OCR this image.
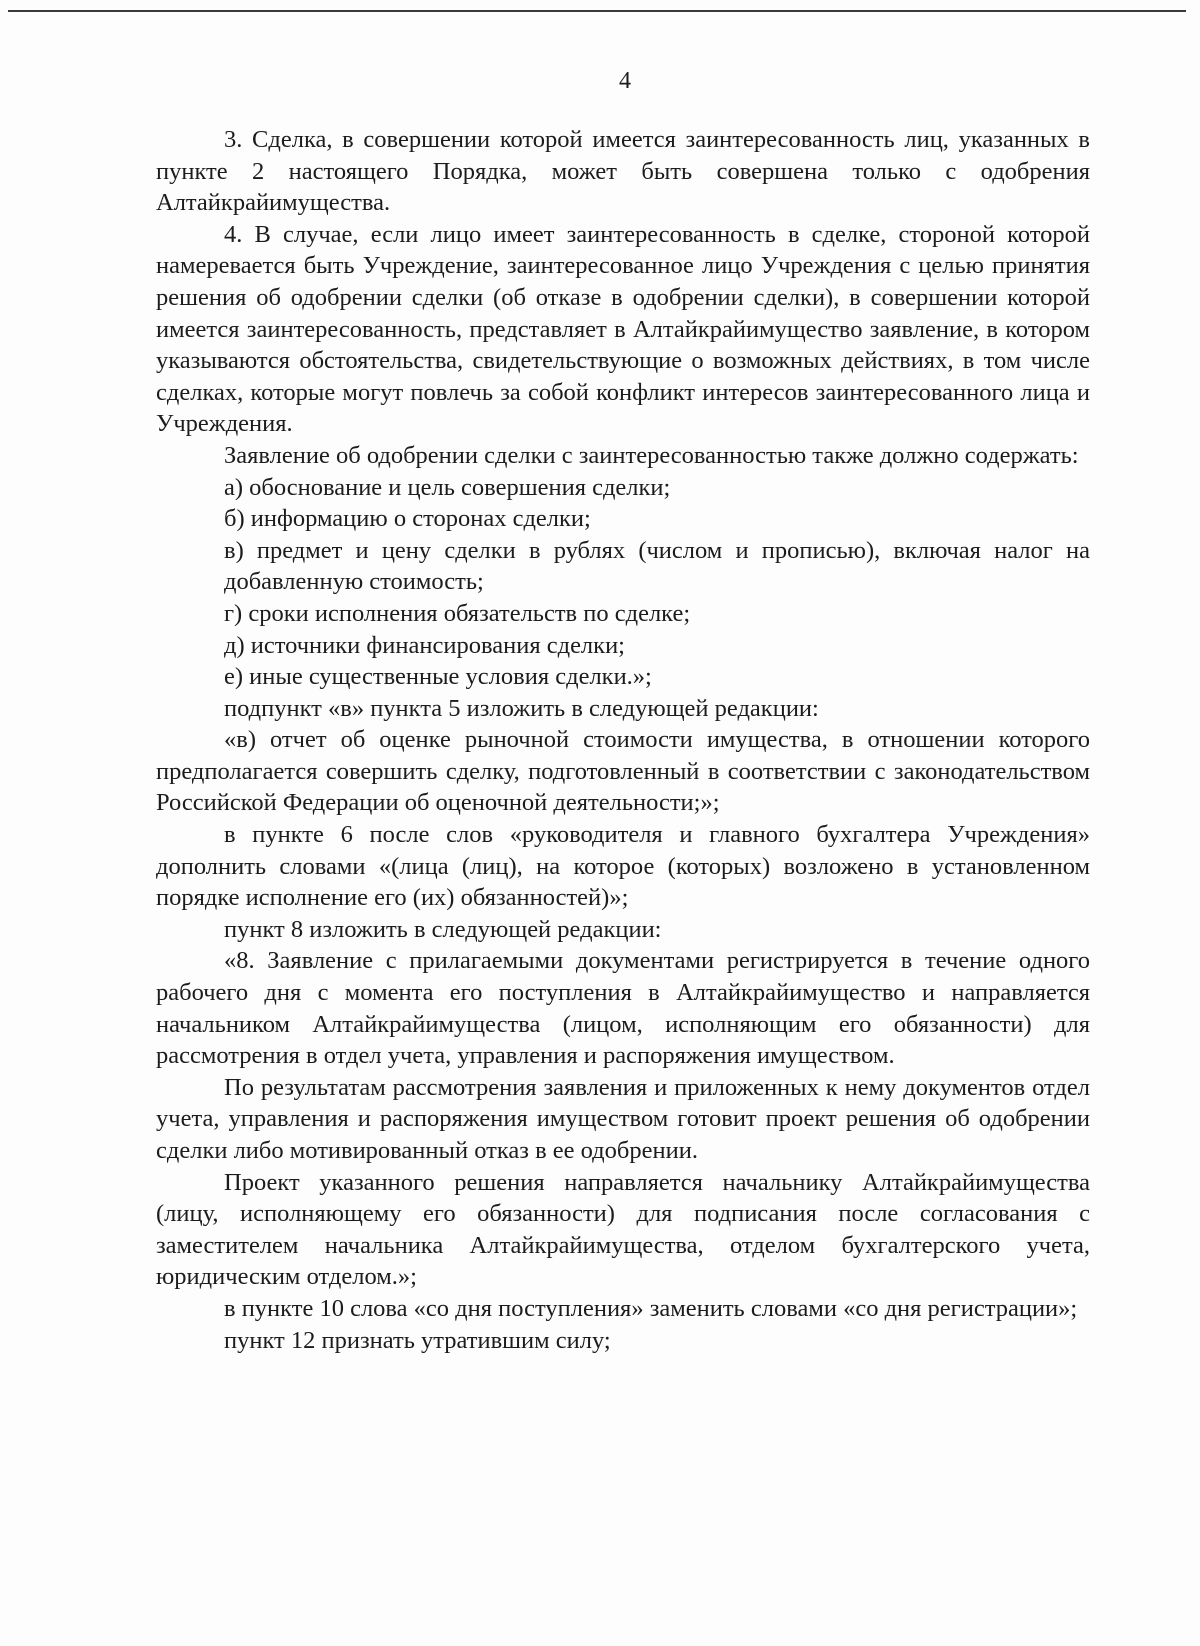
4

3. Сделка, в совершении которой имеется заинтересованность лиц, указанных в пункте 2 настоящего Порядка, может быть совершена только с одобрения Алтайкрайимущества.

4. В случае, если лицо имеет заинтересованность в сделке, стороной которой намеревается быть Учреждение, заинтересованное лицо Учреждения с целью принятия решения об одобрении сделки (об отказе в одобрении сделки), в совершении которой имеется заинтересованность, представляет в Алтайкрайимущество заявление, в котором указываются обстоятельства, свидетельствующие о возможных действиях, в том числе сделках, которые могут повлечь за собой конфликт интересов заинтересованного лица и Учреждения.

Заявление об одобрении сделки с заинтересованностью также должно содержать:

а) обоснование и цель совершения сделки;

б) информацию о сторонах сделки;

в) предмет и цену сделки в рублях (числом и прописью), включая налог на добавленную стоимость;

г) сроки исполнения обязательств по сделке;

д) источники финансирования сделки;

е) иные существенные условия сделки.»;

подпункт «в» пункта 5 изложить в следующей редакции:

«в) отчет об оценке рыночной стоимости имущества, в отношении которого предполагается совершить сделку, подготовленный в соответствии с законодательством Российской Федерации об оценочной деятельности;»;

в пункте 6 после слов «руководителя и главного бухгалтера Учреждения» дополнить словами «(лица (лиц), на которое (которых) возложено в установленном порядке исполнение его (их) обязанностей)»;

пункт 8 изложить в следующей редакции:

«8. Заявление с прилагаемыми документами регистрируется в течение одного рабочего дня с момента его поступления в Алтайкрайимущество и направляется начальником Алтайкрайимущества (лицом, исполняющим его обязанности) для рассмотрения в отдел учета, управления и распоряжения имуществом.

По результатам рассмотрения заявления и приложенных к нему документов отдел учета, управления и распоряжения имуществом готовит проект решения об одобрении сделки либо мотивированный отказ в ее одобрении.

Проект указанного решения направляется начальнику Алтайкрайимущества (лицу, исполняющему его обязанности) для подписания после согласования с заместителем начальника Алтайкрайимущества, отделом бухгалтерского учета, юридическим отделом.»;

в пункте 10 слова «со дня поступления» заменить словами «со дня регистрации»;

пункт 12 признать утратившим силу;
